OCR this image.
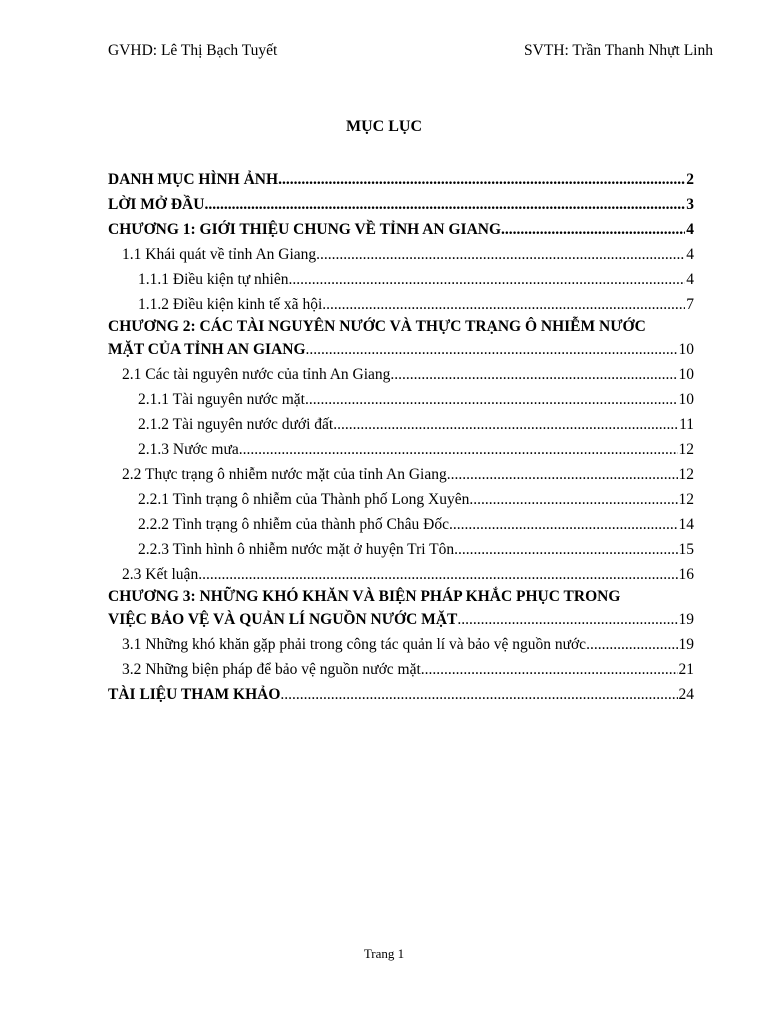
GVHD: Lê Thị Bạch Tuyết	SVTH: Trần Thanh Nhựt Linh
MỤC LỤC
DANH MỤC HÌNH ẢNH .....	2
LỜI MỞ ĐẦU .....	3
CHƯƠNG 1: GIỚI THIỆU CHUNG VỀ TỈNH AN GIANG .....	4
1.1 Khái quát về tỉnh An Giang .....	4
1.1.1 Điều kiện tự nhiên .....	4
1.1.2 Điều kiện kinh tế xã hội .....	7
CHƯƠNG 2: CÁC TÀI NGUYÊN NƯỚC VÀ THỰC TRẠNG Ô NHIỄM NƯỚC
MẶT CỦA TỈNH AN GIANG .....	10
2.1 Các tài nguyên nước của tỉnh An Giang .....	10
2.1.1 Tài nguyên nước mặt .....	10
2.1.2 Tài nguyên nước dưới đất .....	11
2.1.3 Nước mưa .....	12
2.2 Thực trạng ô nhiễm nước mặt của tỉnh An Giang .....	12
2.2.1 Tình trạng ô nhiễm của Thành phố Long Xuyên .....	12
2.2.2 Tình trạng ô nhiễm của thành phố Châu Đốc .....	14
2.2.3 Tình hình ô nhiễm nước mặt ở huyện Tri Tôn .....	15
2.3 Kết luận .....	16
CHƯƠNG 3: NHỮNG KHÓ KHĂN VÀ BIỆN PHÁP KHẮC PHỤC TRONG
VIỆC BẢO VỆ VÀ QUẢN LÍ NGUỒN NƯỚC MẶT .....	19
3.1 Những khó khăn gặp phải trong công tác quản lí và bảo vệ nguồn nước .....	19
3.2 Những biện pháp để bảo vệ nguồn nước mặt .....	21
TÀI LIỆU THAM KHẢO .....	24
Trang 1
